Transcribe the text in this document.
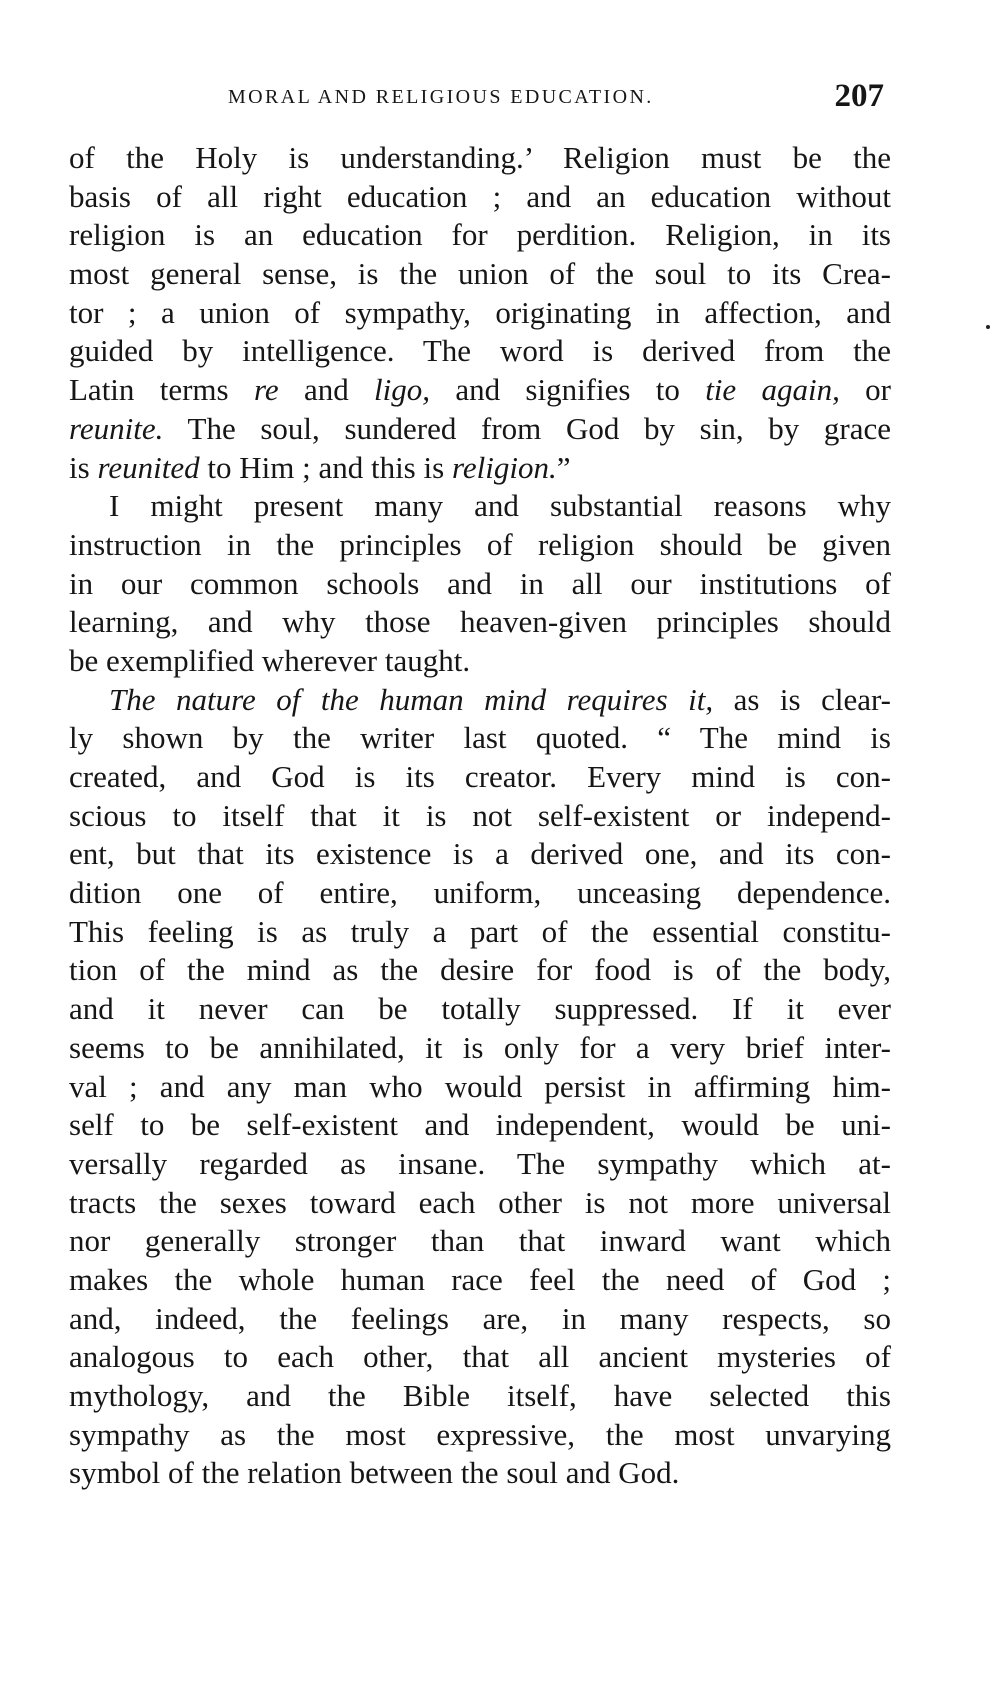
MORAL AND RELIGIOUS EDUCATION.	207
of the Holy is understanding.’ Religion must be the
basis of all right education ; and an education without
religion is an education for perdition. Religion, in its
most general sense, is the union of the soul to its Crea-
tor ; a union of sympathy, originating in affection, and
guided by intelligence. The word is derived from the
Latin terms re and ligo, and signifies to tie again, or
reunite. The soul, sundered from God by sin, by grace
is reunited to Him ; and this is religion.”
I might present many and substantial reasons why
instruction in the principles of religion should be given
in our common schools and in all our institutions of
learning, and why those heaven-given principles should
be exemplified wherever taught.
The nature of the human mind requires it, as is clear-
ly shown by the writer last quoted. “ The mind is
created, and God is its creator. Every mind is con-
scious to itself that it is not self-existent or independ-
ent, but that its existence is a derived one, and its con-
dition one of entire, uniform, unceasing dependence.
This feeling is as truly a part of the essential constitu-
tion of the mind as the desire for food is of the body,
and it never can be totally suppressed. If it ever
seems to be annihilated, it is only for a very brief inter-
val ; and any man who would persist in affirming him-
self to be self-existent and independent, would be uni-
versally regarded as insane. The sympathy which at-
tracts the sexes toward each other is not more universal
nor generally stronger than that inward want which
makes the whole human race feel the need of God ;
and, indeed, the feelings are, in many respects, so
analogous to each other, that all ancient mysteries of
mythology, and the Bible itself, have selected this
sympathy as the most expressive, the most unvarying
symbol of the relation between the soul and God.
